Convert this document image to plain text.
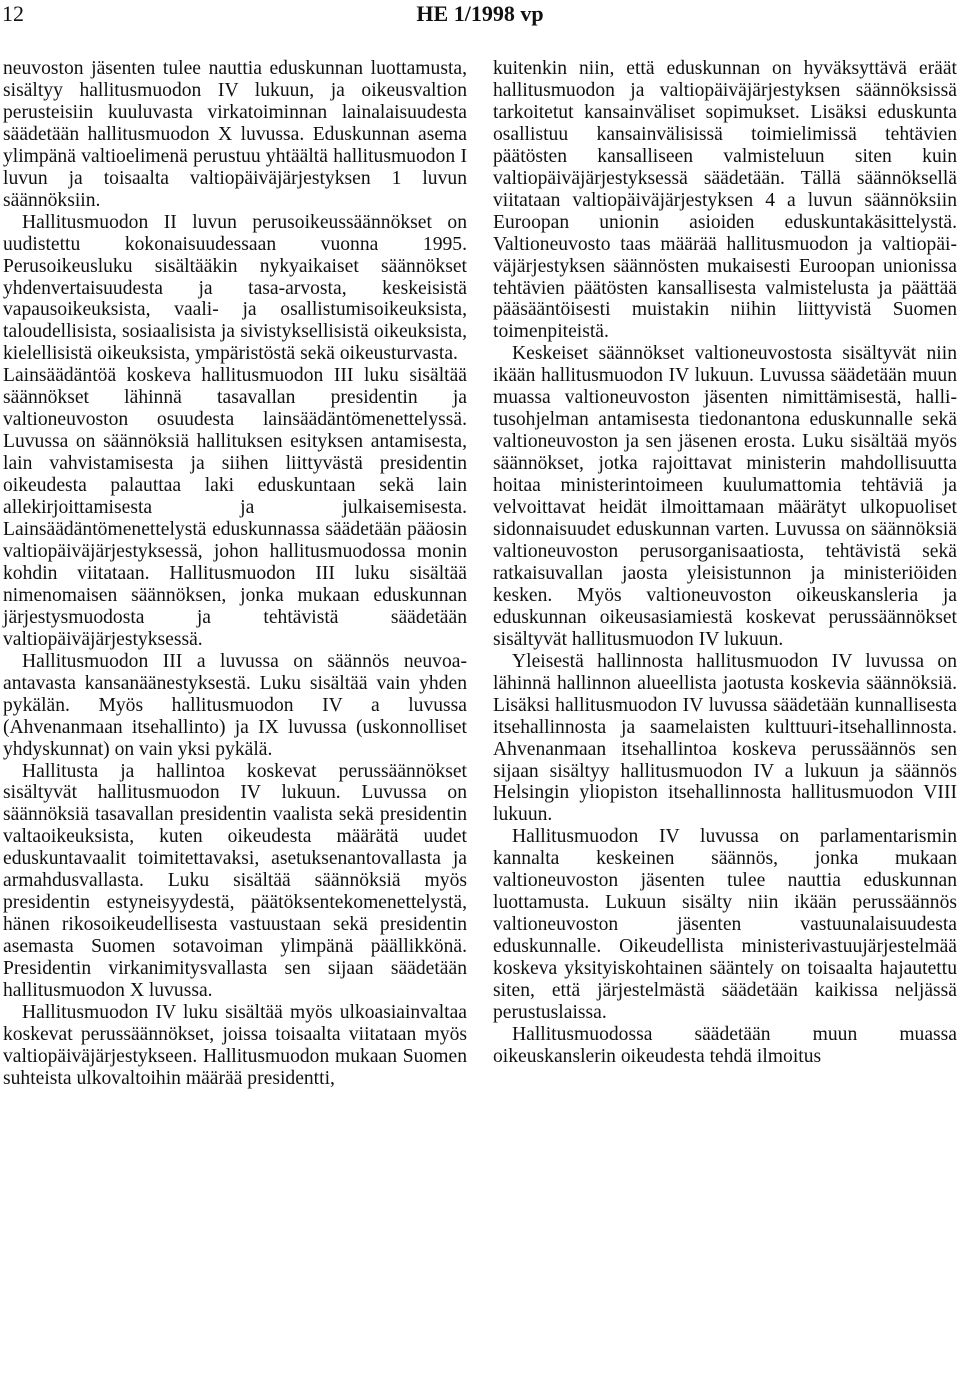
12	HE 1/1998 vp

neuvoston jäsenten tulee nauttia eduskunnan luottamusta, sisältyy hallitusmuodon IV lukuun, ja oikeusvaltion perusteisiin kuuluvasta virkatoiminnan lainalaisuudesta säädetään hallitusmuodon X luvussa. Eduskunnan asema ylimpänä valtioelimenä perustuu yhtäältä hallitusmuodon I luvun ja toisaalta valtiopäiväjärjestyksen 1 luvun säännöksiin.

Hallitusmuodon II luvun perusoikeussäännökset on uudistettu kokonaisuudessaan vuonna 1995. Perusoikeusluku sisältääkin nykyaikaiset säännökset yhdenvertaisuudesta ja tasa-arvosta, keskeisistä vapausoikeuksista, vaali- ja osallistumisoikeuksista, taloudellisista, sosiaalisista ja sivistyksellisistä oikeuksista, kielellisistä oikeuksista, ympäristöstä sekä oikeusturvasta.

Lainsäädäntöä koskeva hallitusmuodon III luku sisältää säännökset lähinnä tasavallan presidentin ja valtioneuvoston osuudesta lainsäädäntömenettelyssä. Luvussa on säännöksiä hallituksen esityksen antamisesta, lain vahvistamisesta ja siihen liittyvästä presidentin oikeudesta palauttaa laki eduskuntaan sekä lain allekirjoittamisesta ja julkaisemisesta. Lainsäädäntömenettelystä eduskunnassa säädetään pääosin valtiopäiväjärjestyksessä, johon hallitusmuodossa monin kohdin viitataan. Hallitusmuodon III luku sisältää nimenomaisen säännöksen, jonka mukaan eduskunnan järjestysmuodosta ja tehtävistä säädetään valtiopäiväjärjestyksessä.

Hallitusmuodon III a luvussa on säännös neuvoa-antavasta kansanäänestyksestä. Luku sisältää vain yhden pykälän. Myös hallitusmuodon IV a luvussa (Ahvenanmaan itsehallinto) ja IX luvussa (uskonnolliset yhdyskunnat) on vain yksi pykälä.

Hallitusta ja hallintoa koskevat perussäännökset sisältyvät hallitusmuodon IV lukuun. Luvussa on säännöksiä tasavallan presidentin vaalista sekä presidentin valtaoikeuksista, kuten oikeudesta määrätä uudet eduskuntavaalit toimitettavaksi, asetuksenantovallasta ja armahdusvallasta. Luku sisältää säännöksiä myös presidentin estyneisyydestä, päätöksentekomenettelystä, hänen rikosoikeudellisesta vastuustaan sekä presidentin asemasta Suomen sotavoiman ylimpänä päällikkönä. Presidentin virkanimitysvallasta sen sijaan säädetään hallitusmuodon X luvussa.

Hallitusmuodon IV luku sisältää myös ulkoasiainvaltaa koskevat perussäännökset, joissa toisaalta viitataan myös valtiopäiväjärjestykseen. Hallitusmuodon mukaan Suomen suhteista ulkovaltoihin määrää presidentti,

kuitenkin niin, että eduskunnan on hyväksyttävä eräät hallitusmuodon ja valtiopäiväjärjestyksen säännöksissä tarkoitetut kansainväliset sopimukset. Lisäksi eduskunta osallistuu kansainvälisissä toimielimissä tehtävien päätösten kansalliseen valmisteluun siten kuin valtiopäiväjärjestyksessä säädetään. Tällä säännöksellä viitataan valtiopäiväjärjestyksen 4 a luvun säännöksiin Euroopan unionin asioiden eduskuntakäsittelystä. Valtioneuvosto taas määrää hallitusmuodon ja valtiopäiväjärjestyksen säännösten mukaisesti Euroopan unionissa tehtävien päätösten kansallisesta valmistelusta ja päättää pääsääntöisesti muistakin niihin liittyvistä Suomen toimenpiteistä.

Keskeiset säännökset valtioneuvostosta sisältyvät niin ikään hallitusmuodon IV lukuun. Luvussa säädetään muun muassa valtioneuvoston jäsenten nimittämisestä, hallitusohjelman antamisesta tiedonantona eduskunnalle sekä valtioneuvoston ja sen jäsenen erosta. Luku sisältää myös säännökset, jotka rajoittavat ministerin mahdollisuutta hoitaa ministerintoimeen kuulumattomia tehtäviä ja velvoittavat heidät ilmoittamaan määrätyt ulkopuoliset sidonnaisuudet eduskunnan varten. Luvussa on säännöksiä valtioneuvoston perusorganisaatiosta, tehtävistä sekä ratkaisuvallan jaosta yleisistunnon ja ministeriöiden kesken. Myös valtioneuvoston oikeuskansleria ja eduskunnan oikeusasiamiestä koskevat perussäännökset sisältyvät hallitusmuodon IV lukuun.

Yleisestä hallinnosta hallitusmuodon IV luvussa on lähinnä hallinnon alueellista jaotusta koskevia säännöksiä. Lisäksi hallitusmuodon IV luvussa säädetään kunnallisesta itsehallinnosta ja saamelaisten kulttuuri-itsehallinnosta. Ahvenanmaan itsehallintoa koskeva perussäännös sen sijaan sisältyy hallitusmuodon IV a lukuun ja säännös Helsingin yliopiston itsehallinnosta hallitusmuodon VIII lukuun.

Hallitusmuodon IV luvussa on parlamentarismin kannalta keskeinen säännös, jonka mukaan valtioneuvoston jäsenten tulee nauttia eduskunnan luottamusta. Lukuun sisälty niin ikään perussäännös valtioneuvoston jäsenten vastuunalaisuudesta eduskunnalle. Oikeudellista ministerivastuujärjestelmää koskeva yksityiskohtainen sääntely on toisaalta hajautettu siten, että järjestelmästä säädetään kaikissa neljässä perustuslaissa.

Hallitusmuodossa säädetään muun muassa oikeuskanslerin oikeudesta tehdä ilmoitus
